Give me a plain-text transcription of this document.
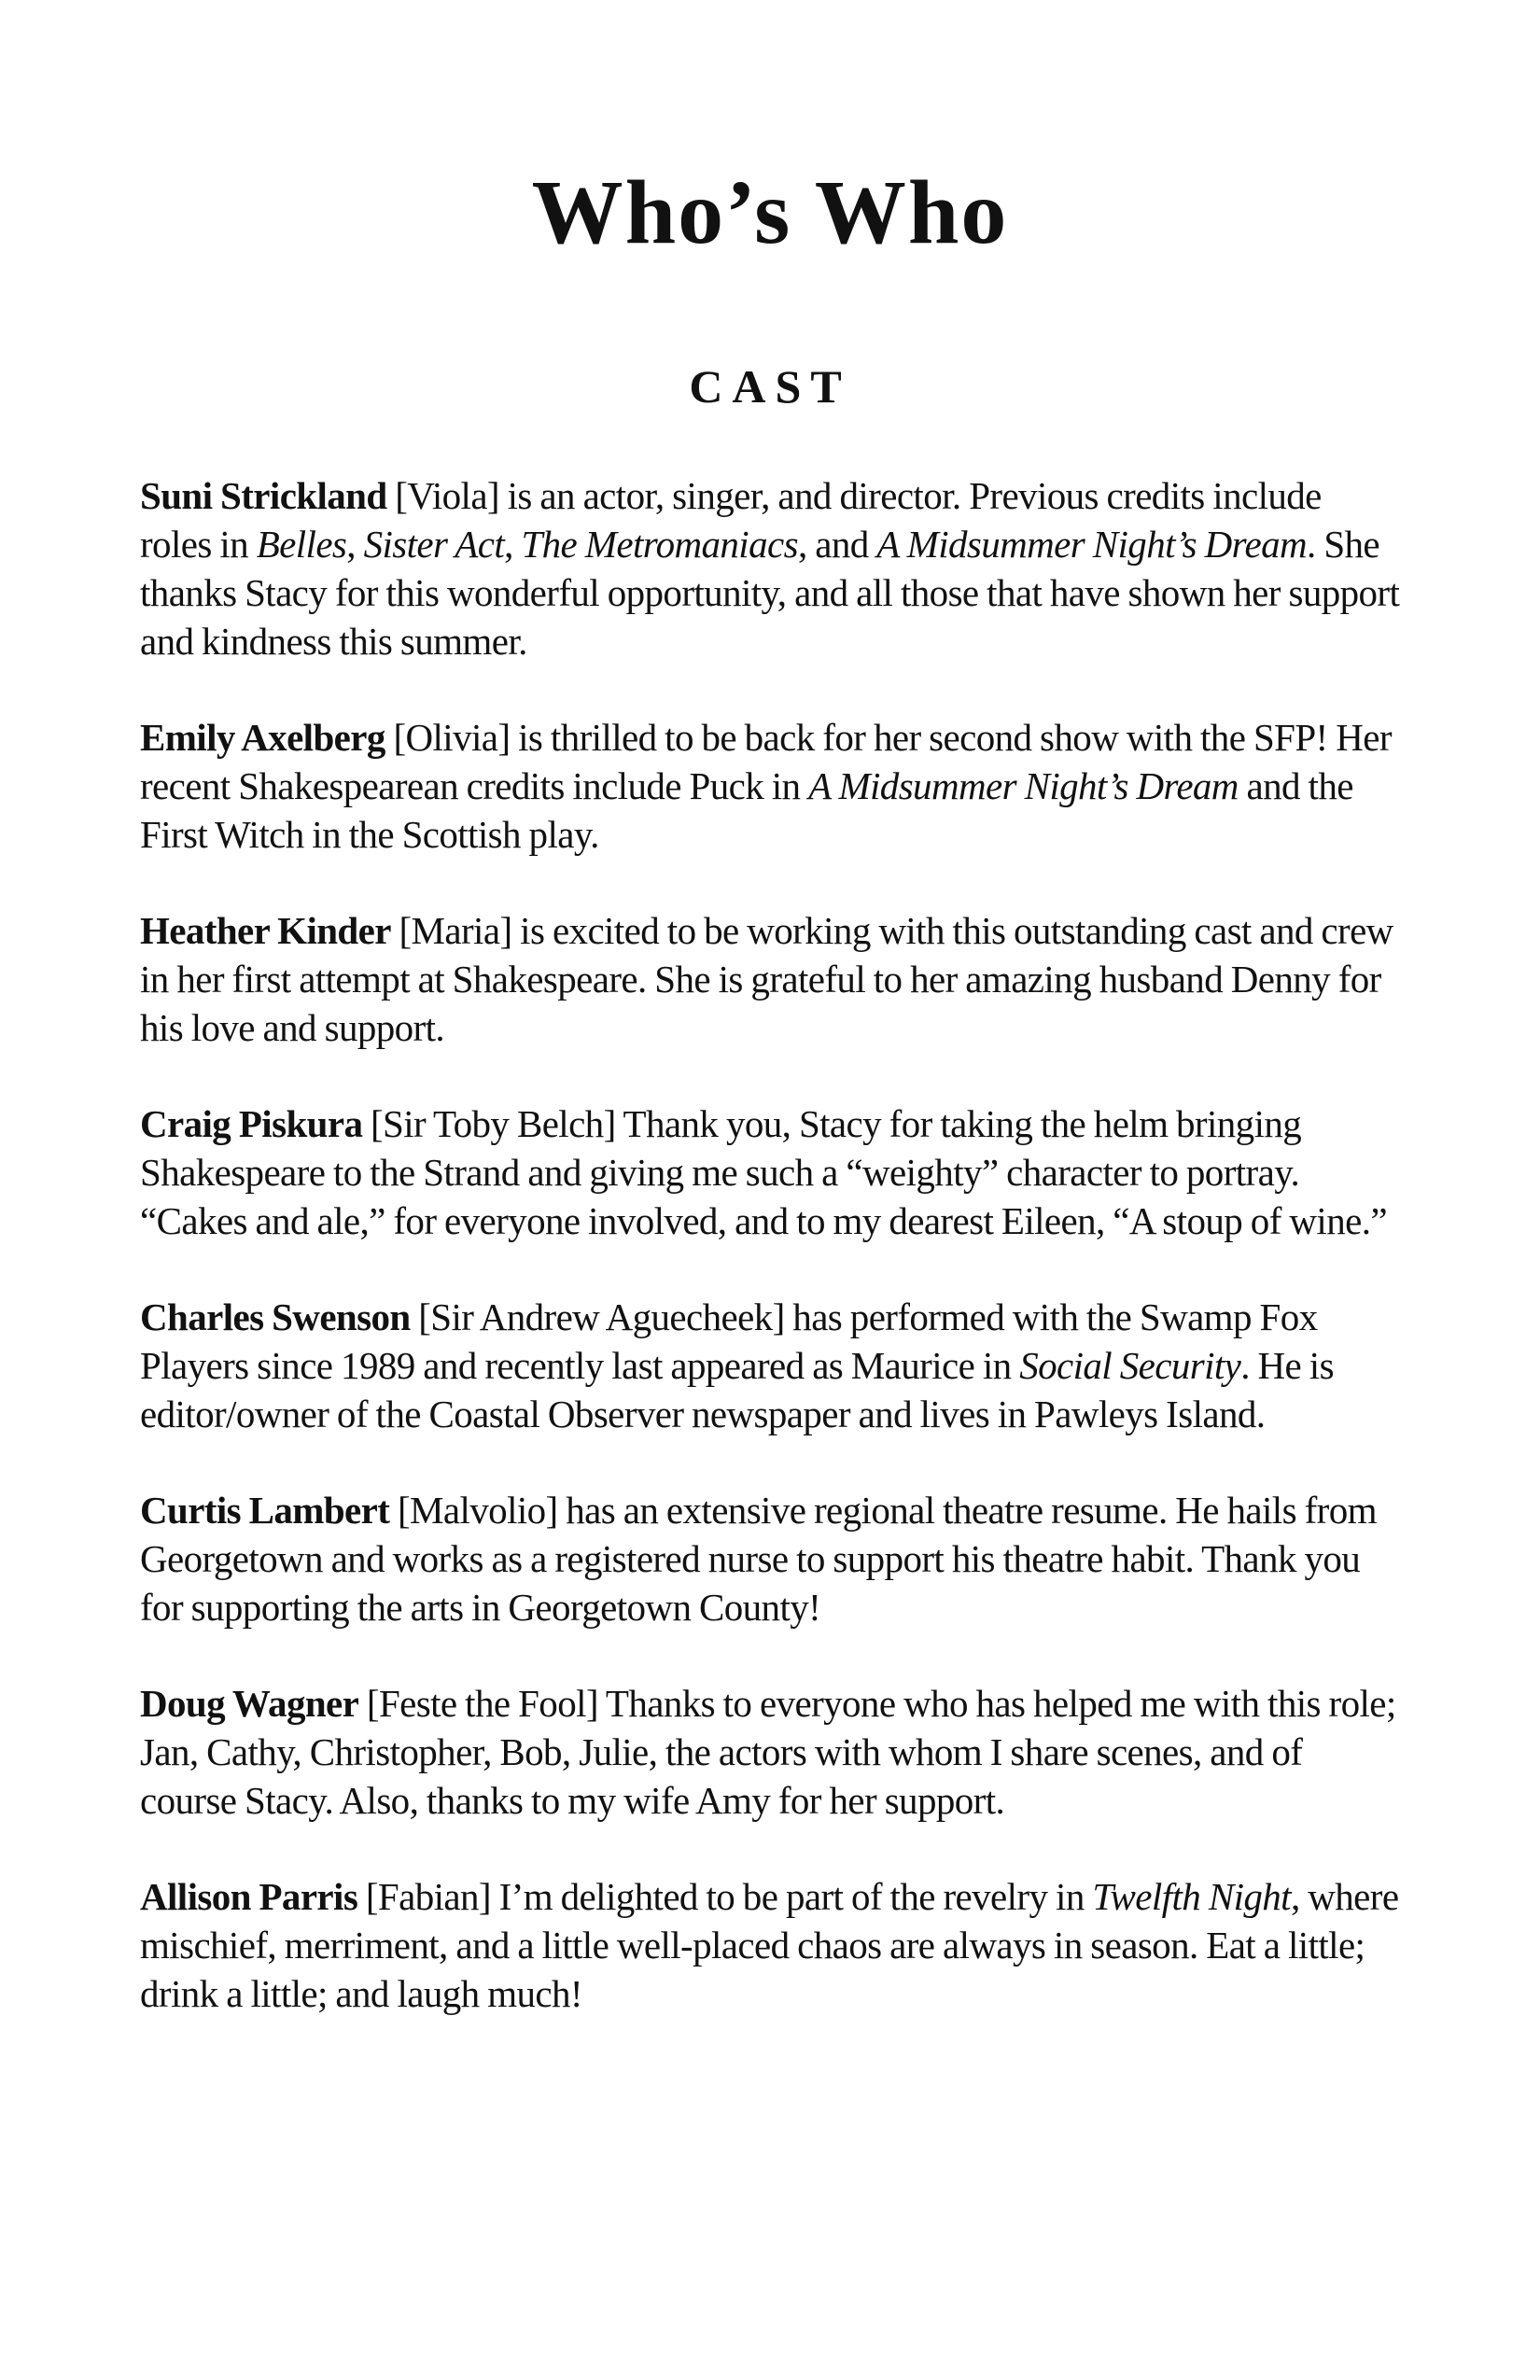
Who’s Who
CAST

Suni Strickland [Viola] is an actor, singer, and director. Previous credits include roles in Belles, Sister Act, The Metromaniacs, and A Midsummer Night’s Dream. She thanks Stacy for this wonderful opportunity, and all those that have shown her support and kindness this summer.

Emily Axelberg [Olivia] is thrilled to be back for her second show with the SFP! Her recent Shakespearean credits include Puck in A Midsummer Night’s Dream and the First Witch in the Scottish play.

Heather Kinder [Maria] is excited to be working with this outstanding cast and crew in her first attempt at Shakespeare. She is grateful to her amazing husband Denny for his love and support.

Craig Piskura [Sir Toby Belch] Thank you, Stacy for taking the helm bringing Shakespeare to the Strand and giving me such a “weighty” character to portray. “Cakes and ale,” for everyone involved, and to my dearest Eileen, “A stoup of wine.”

Charles Swenson [Sir Andrew Aguecheek] has performed with the Swamp Fox Players since 1989 and recently last appeared as Maurice in Social Security. He is editor/owner of the Coastal Observer newspaper and lives in Pawleys Island.

Curtis Lambert [Malvolio] has an extensive regional theatre resume. He hails from Georgetown and works as a registered nurse to support his theatre habit. Thank you for supporting the arts in Georgetown County!

Doug Wagner [Feste the Fool] Thanks to everyone who has helped me with this role; Jan, Cathy, Christopher, Bob, Julie, the actors with whom I share scenes, and of course Stacy. Also, thanks to my wife Amy for her support.

Allison Parris [Fabian] I’m delighted to be part of the revelry in Twelfth Night, where mischief, merriment, and a little well-placed chaos are always in season. Eat a little; drink a little; and laugh much!
